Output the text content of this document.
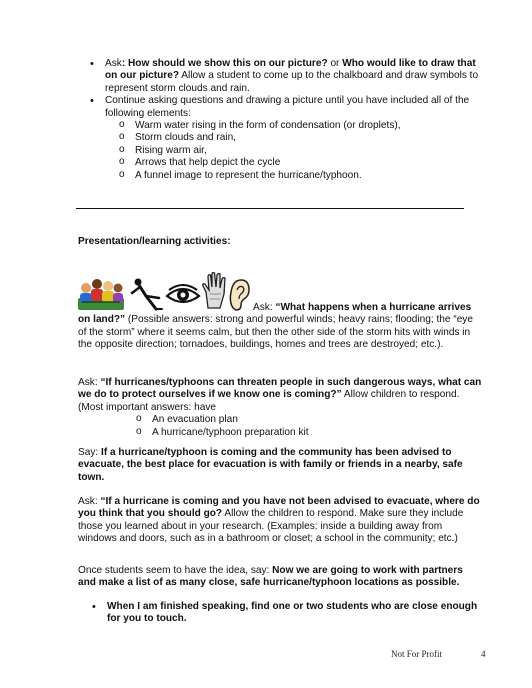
• Ask: How should we show this on our picture? or Who would like to draw that on our picture? Allow a student to come up to the chalkboard and draw symbols to represent storm clouds and rain.
• Continue asking questions and drawing a picture until you have included all of the following elements:
o Warm water rising in the form of condensation (or droplets),
o Storm clouds and rain,
o Rising warm air,
o Arrows that help depict the cycle
o A funnel image to represent the hurricane/typhoon.
Presentation/learning activities:
Ask: “What happens when a hurricane arrives on land?” (Possible answers: strong and powerful winds; heavy rains; flooding; the “eye of the storm” where it seems calm, but then the other side of the storm hits with winds in the opposite direction; tornadoes, buildings, homes and trees are destroyed; etc.).
Ask: “If hurricanes/typhoons can threaten people in such dangerous ways, what can we do to protect ourselves if we know one is coming?” Allow children to respond. (Most important answers: have
o An evacuation plan
o A hurricane/typhoon preparation kit
Say: If a hurricane/typhoon is coming and the community has been advised to evacuate, the best place for evacuation is with family or friends in a nearby, safe town.
Ask: “If a hurricane is coming and you have not been advised to evacuate, where do you think that you should go? Allow the children to respond. Make sure they include those you learned about in your research. (Examples: inside a building away from windows and doors, such as in a bathroom or closet; a school in the community; etc.)
Once students seem to have the idea, say: Now we are going to work with partners and make a list of as many close, safe hurricane/typhoon locations as possible.
• When I am finished speaking, find one or two students who are close enough for you to touch.
Not For Profit	4
